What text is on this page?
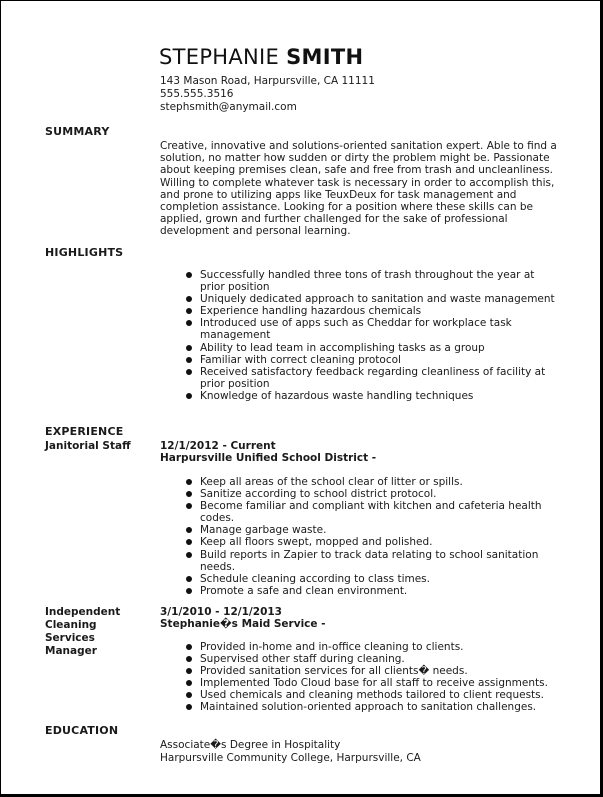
STEPHANIE SMITH
143 Mason Road, Harpursville, CA 11111
555.555.3516
stephsmith@anymail.com
SUMMARY
Creative, innovative and solutions-oriented sanitation expert. Able to find a solution, no matter how sudden or dirty the problem might be. Passionate about keeping premises clean, safe and free from trash and uncleanliness. Willing to complete whatever task is necessary in order to accomplish this, and prone to utilizing apps like TeuxDeux for task management and completion assistance. Looking for a position where these skills can be applied, grown and further challenged for the sake of professional development and personal learning.
HIGHLIGHTS
Successfully handled three tons of trash throughout the year at prior position
Uniquely dedicated approach to sanitation and waste management
Experience handling hazardous chemicals
Introduced use of apps such as Cheddar for workplace task management
Ability to lead team in accomplishing tasks as a group
Familiar with correct cleaning protocol
Received satisfactory feedback regarding cleanliness of facility at prior position
Knowledge of hazardous waste handling techniques
EXPERIENCE
Janitorial Staff	12/1/2012 - Current
Harpursville Unified School District -
Keep all areas of the school clear of litter or spills.
Sanitize according to school district protocol.
Become familiar and compliant with kitchen and cafeteria health codes.
Manage garbage waste.
Keep all floors swept, mopped and polished.
Build reports in Zapier to track data relating to school sanitation needs.
Schedule cleaning according to class times.
Promote a safe and clean environment.
Independent Cleaning Services Manager
3/1/2010 - 12/1/2013
Stephanie�s Maid Service -
Provided in-home and in-office cleaning to clients.
Supervised other staff during cleaning.
Provided sanitation services for all clients� needs.
Implemented Todo Cloud base for all staff to receive assignments.
Used chemicals and cleaning methods tailored to client requests.
Maintained solution-oriented approach to sanitation challenges.
EDUCATION
Associate�s Degree in Hospitality
Harpursville Community College, Harpursville, CA
